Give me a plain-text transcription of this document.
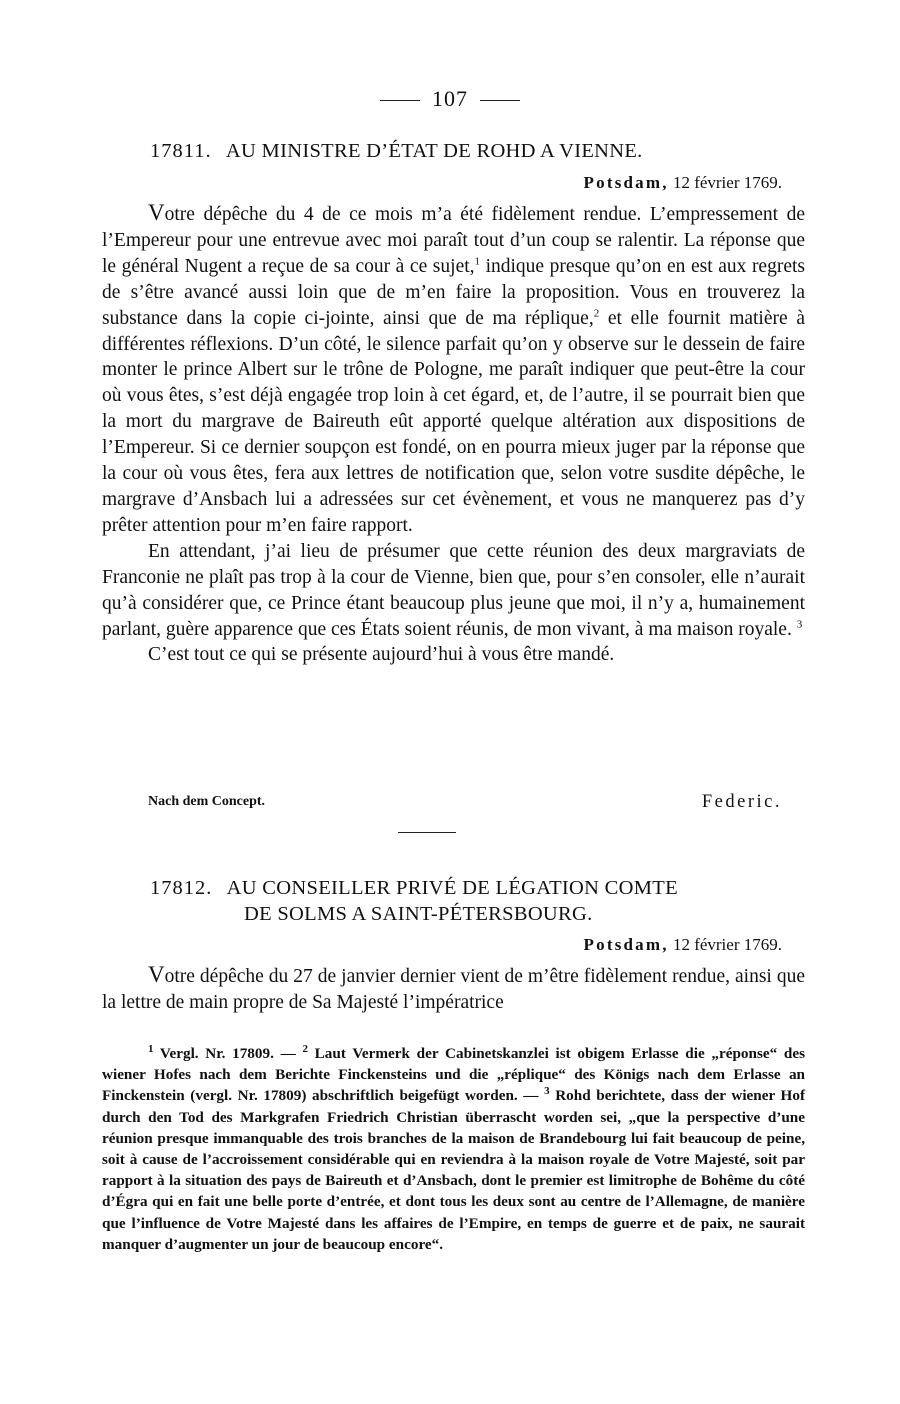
107
17811. AU MINISTRE D’ÉTAT DE ROHD A VIENNE.
Potsdam, 12 février 1769.

Votre dépêche du 4 de ce mois m’a été fidèlement rendue. L’empressement de l’Empereur pour une entrevue avec moi paraît tout d’un coup se ralentir. La réponse que le général Nugent a reçue de sa cour à ce sujet,$^1$ indique presque qu’on en est aux regrets de s’être avancé aussi loin que de m’en faire la proposition. Vous en trouverez la substance dans la copie ci-jointe, ainsi que de ma réplique,$^2$ et elle fournit matière à différentes réflexions. D’un côté, le silence parfait qu’on y observe sur le dessein de faire monter le prince Albert sur le trône de Pologne, me paraît indiquer que peut-être la cour où vous êtes, s’est déjà engagée trop loin à cet égard, et, de l’autre, il se pourrait bien que la mort du margrave de Baireuth eût apporté quelque altération aux dispositions de l’Empereur. Si ce dernier soupçon est fondé, on en pourra mieux juger par la réponse que la cour où vous êtes, fera aux lettres de notification que, selon votre susdite dépêche, le margrave d’Ansbach lui a adressées sur cet évènement, et vous ne manquerez pas d’y prêter attention pour m’en faire rapport.

En attendant, j’ai lieu de présumer que cette réunion des deux margraviats de Franconie ne plaît pas trop à la cour de Vienne, bien que, pour s’en consoler, elle n’aurait qu’à considérer que, ce Prince étant beaucoup plus jeune que moi, il n’y a, humainement parlant, guère apparence que ces États soient réunis, de mon vivant, à ma maison royale. $^3$

C’est tout ce qui se présente aujourd’hui à vous être mandé.

Nach dem Concept.	Federic.
17812. AU CONSEILLER PRIVÉ DE LÉGATION COMTE
DE SOLMS A SAINT-PÉTERSBOURG.
Potsdam, 12 février 1769.

Votre dépêche du 27 de janvier dernier vient de m’être fidèlement rendue, ainsi que la lettre de main propre de Sa Majesté l’impératrice

$^1$ Vergl. Nr. 17809. — $^2$ Laut Vermerk der Cabinetskanzlei ist obigem Erlasse die „réponse“ des wiener Hofes nach dem Berichte Finckensteins und die „réplique“ des Königs nach dem Erlasse an Finckenstein (vergl. Nr. 17809) abschriftlich beigefügt worden. — $^3$ Rohd berichtete, dass der wiener Hof durch den Tod des Markgrafen Friedrich Christian überrascht worden sei, „que la perspective d’une réunion presque immanquable des trois branches de la maison de Brandebourg lui fait beaucoup de peine, soit à cause de l’accroissement considérable qui en reviendra à la maison royale de Votre Majesté, soit par rapport à la situation des pays de Baireuth et d’Ansbach, dont le premier est limitrophe de Bohême du côté d’Égra qui en fait une belle porte d’entrée, et dont tous les deux sont au centre de l’Allemagne, de manière que l’influence de Votre Majesté dans les affaires de l’Empire, en temps de guerre et de paix, ne saurait manquer d’augmenter un jour de beaucoup encore“.
